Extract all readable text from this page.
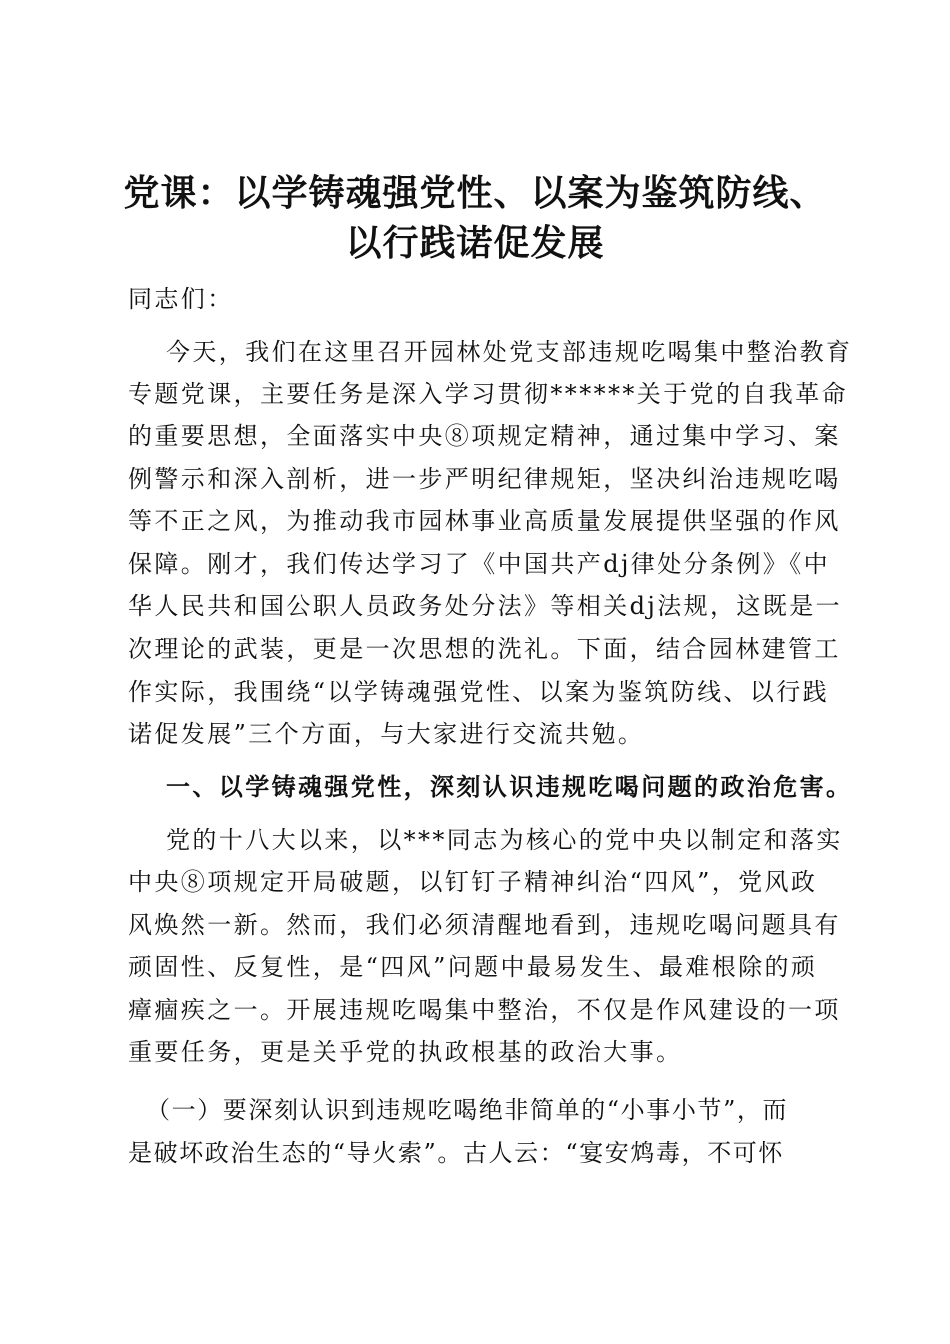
党课：以学铸魂强党性、以案为鉴筑防线、
以行践诺促发展

同志们：

今天，我们在这里召开园林处党支部违规吃喝集中整治教育

专题党课，主要任务是深入学习贯彻******关于党的自我革命

的重要思想，全面落实中央⑧项规定精神，通过集中学习、案

例警示和深入剖析，进一步严明纪律规矩，坚决纠治违规吃喝

等不正之风，为推动我市园林事业高质量发展提供坚强的作风

保障。刚才，我们传达学习了《中国共产dj律处分条例》《中

华人民共和国公职人员政务处分法》等相关dj法规，这既是一

次理论的武装，更是一次思想的洗礼。下面，结合园林建管工

作实际，我围绕“以学铸魂强党性、以案为鉴筑防线、以行践

诺促发展”三个方面，与大家进行交流共勉。

一、以学铸魂强党性，深刻认识违规吃喝问题的政治危害。

党的十八大以来，以***同志为核心的党中央以制定和落实

中央⑧项规定开局破题，以钉钉子精神纠治“四风”，党风政

风焕然一新。然而，我们必须清醒地看到，违规吃喝问题具有

顽固性、反复性，是“四风”问题中最易发生、最难根除的顽

瘴痼疾之一。开展违规吃喝集中整治，不仅是作风建设的一项

重要任务，更是关乎党的执政根基的政治大事。

（一）要深刻认识到违规吃喝绝非简单的“小事小节”，而

是破坏政治生态的“导火索”。古人云：“宴安鸩毒，不可怀
